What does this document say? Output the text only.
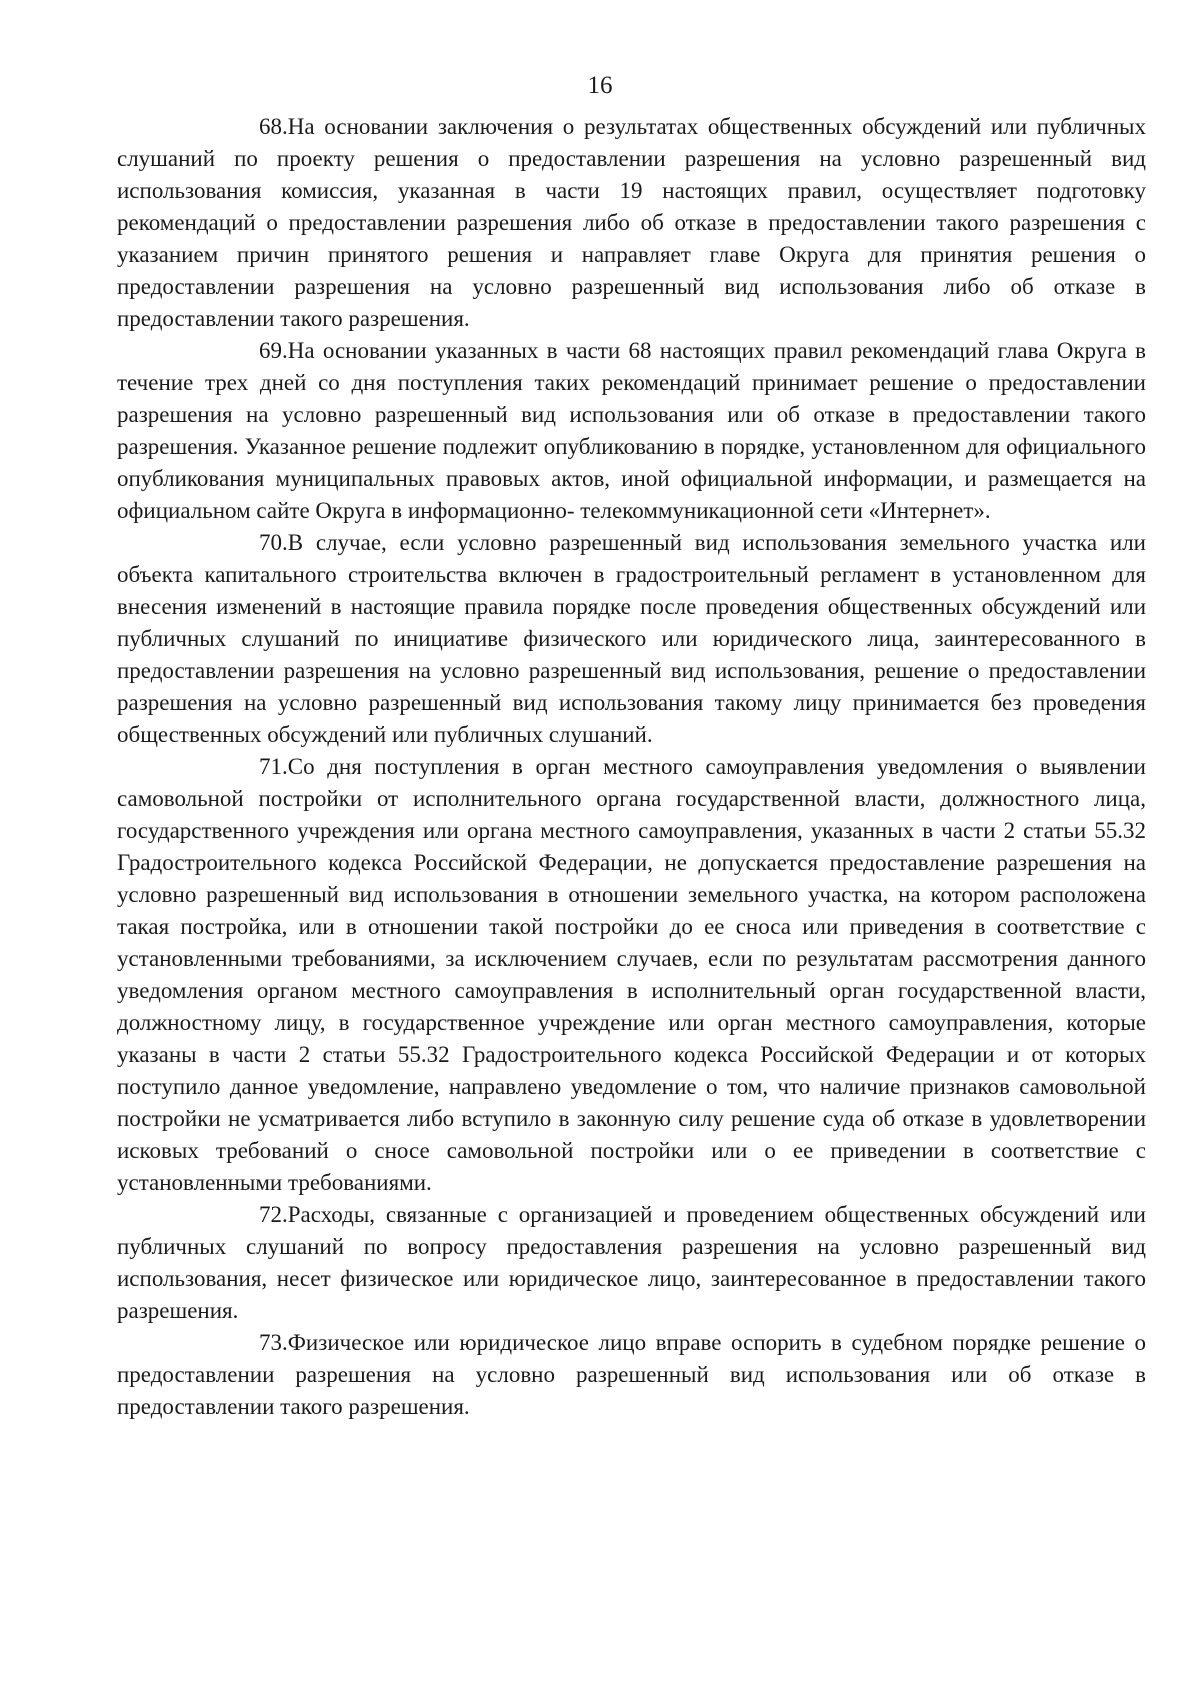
16

68.На основании заключения о результатах общественных обсуждений или публичных слушаний по проекту решения о предоставлении разрешения на условно разрешенный вид использования комиссия, указанная в части 19 настоящих правил, осуществляет подготовку рекомендаций о предоставлении разрешения либо об отказе в предоставлении такого разрешения с указанием причин принятого решения и направляет главе Округа для принятия решения о предоставлении разрешения на условно разрешенный вид использования либо об отказе в предоставлении такого разрешения.

69.На основании указанных в части 68 настоящих правил рекомендаций глава Округа в течение трех дней со дня поступления таких рекомендаций принимает решение о предоставлении разрешения на условно разрешенный вид использования или об отказе в предоставлении такого разрешения. Указанное решение подлежит опубликованию в порядке, установленном для официального опубликования муниципальных правовых актов, иной официальной информации, и размещается на официальном сайте Округа в информационно- телекоммуникационной сети «Интернет».

70.В случае, если условно разрешенный вид использования земельного участка или объекта капитального строительства включен в градостроительный регламент в установленном для внесения изменений в настоящие правила порядке после проведения общественных обсуждений или публичных слушаний по инициативе физического или юридического лица, заинтересованного в предоставлении разрешения на условно разрешенный вид использования, решение о предоставлении разрешения на условно разрешенный вид использования такому лицу принимается без проведения общественных обсуждений или публичных слушаний.

71.Со дня поступления в орган местного самоуправления уведомления о выявлении самовольной постройки от исполнительного органа государственной власти, должностного лица, государственного учреждения или органа местного самоуправления, указанных в части 2 статьи 55.32 Градостроительного кодекса Российской Федерации, не допускается предоставление разрешения на условно разрешенный вид использования в отношении земельного участка, на котором расположена такая постройка, или в отношении такой постройки до ее сноса или приведения в соответствие с установленными требованиями, за исключением случаев, если по результатам рассмотрения данного уведомления органом местного самоуправления в исполнительный орган государственной власти, должностному лицу, в государственное учреждение или орган местного самоуправления, которые указаны в части 2 статьи 55.32 Градостроительного кодекса Российской Федерации и от которых поступило данное уведомление, направлено уведомление о том, что наличие признаков самовольной постройки не усматривается либо вступило в законную силу решение суда об отказе в удовлетворении исковых требований о сносе самовольной постройки или о ее приведении в соответствие с установленными требованиями.

72.Расходы, связанные с организацией и проведением общественных обсуждений или публичных слушаний по вопросу предоставления разрешения на условно разрешенный вид использования, несет физическое или юридическое лицо, заинтересованное в предоставлении такого разрешения.

73.Физическое или юридическое лицо вправе оспорить в судебном порядке решение о предоставлении разрешения на условно разрешенный вид использования или об отказе в предоставлении такого разрешения.
